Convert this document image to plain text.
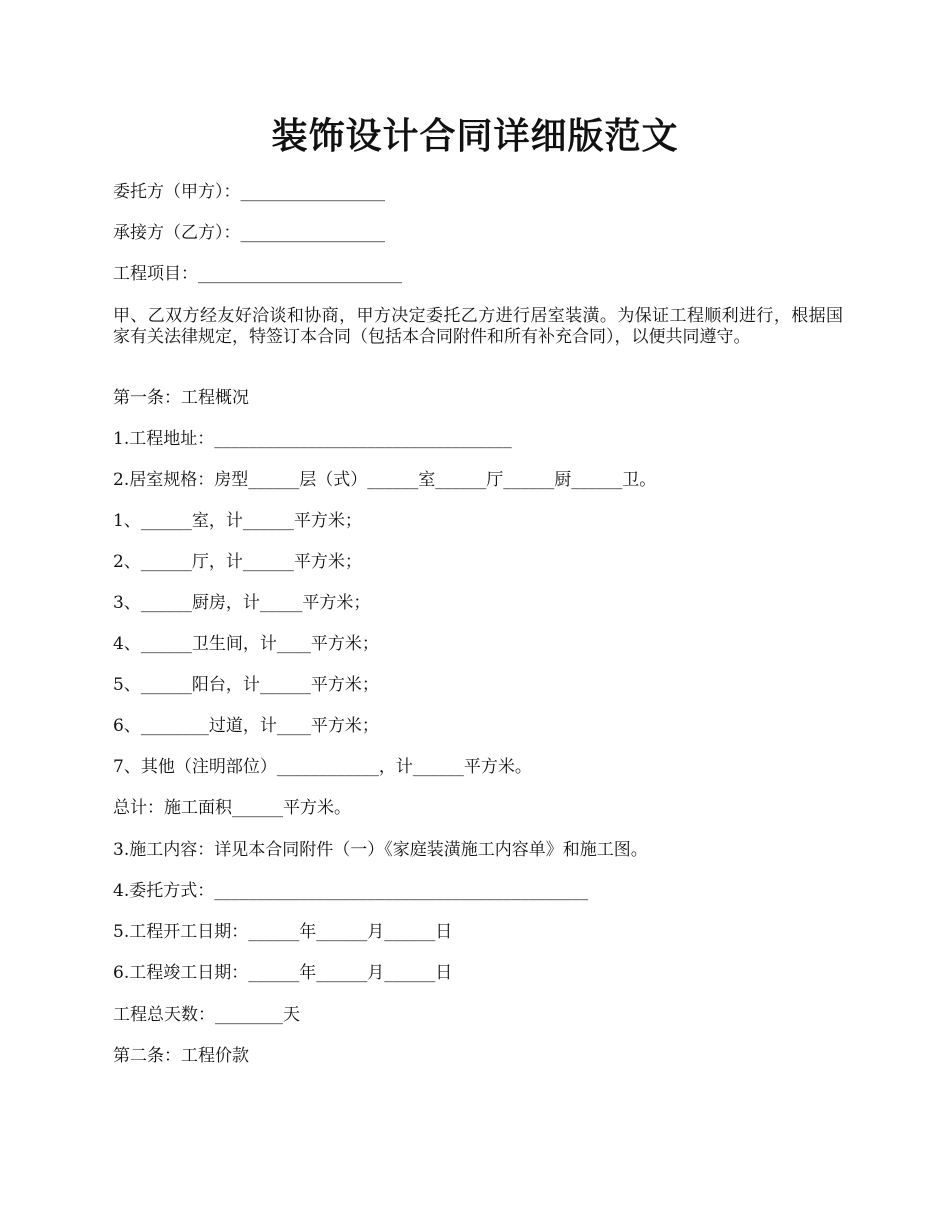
装饰设计合同详细版范文

委托方（甲方）：_________________

承接方（乙方）：_________________

工程项目：________________________

甲、乙双方经友好洽谈和协商，甲方决定委托乙方进行居室装潢。为保证工程顺利进行，根据国家有关法律规定，特签订本合同（包括本合同附件和所有补充合同），以便共同遵守。

第一条：工程概况

1.工程地址：___________________________________

2.居室规格：房型______层（式）______室______厅______厨______卫。

1、______室，计______平方米；

2、______厅，计______平方米；

3、______厨房，计_____平方米；

4、______卫生间，计____平方米；

5、______阳台，计______平方米；

6、________过道，计____平方米；

7、其他（注明部位）____________，计______平方米。

总计：施工面积______平方米。

3.施工内容：详见本合同附件（一）《家庭装潢施工内容单》和施工图。

4.委托方式：____________________________________________

5.工程开工日期：______年______月______日

6.工程竣工日期：______年______月______日

工程总天数：________天

第二条：工程价款
